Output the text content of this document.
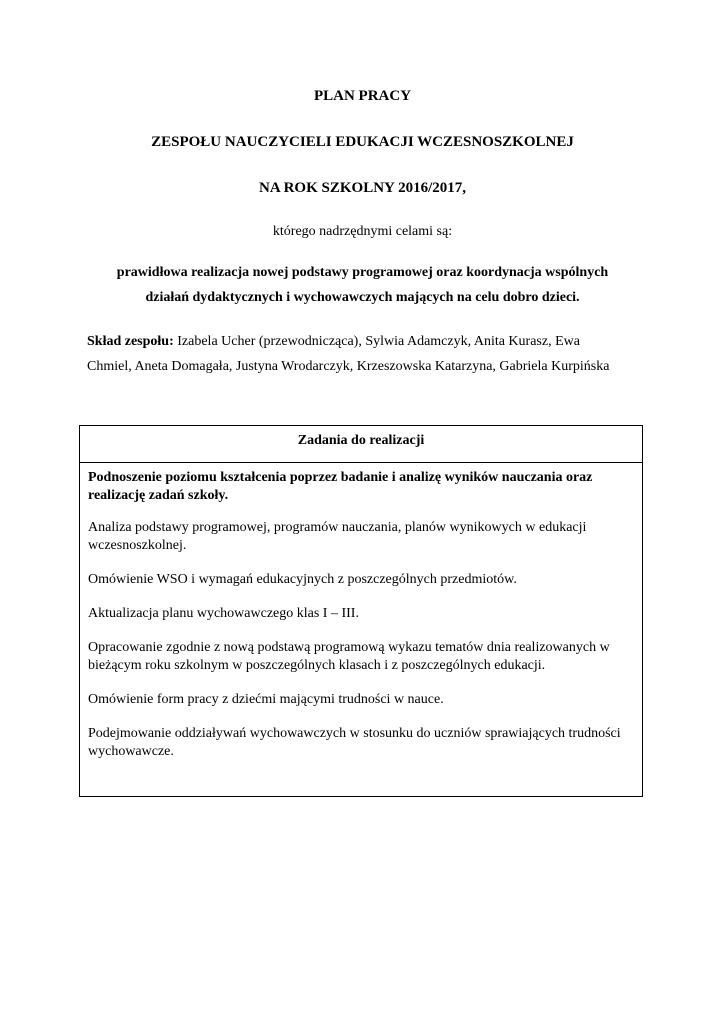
PLAN PRACY
ZESPOŁU NAUCZYCIELI EDUKACJI WCZESNOSZKOLNEJ
NA ROK SZKOLNY 2016/2017,
którego nadrzędnymi celami są:
prawidłowa realizacja nowej podstawy programowej oraz koordynacja wspólnych
działań dydaktycznych i wychowawczych mających na celu dobro dzieci.
Skład zespołu: Izabela Ucher (przewodnicząca), Sylwia Adamczyk, Anita Kurasz, Ewa
Chmiel, Aneta Domagała, Justyna Wrodarczyk, Krzeszowska Katarzyna, Gabriela Kurpińska
Zadania do realizacji

Podnoszenie poziomu kształcenia poprzez badanie i analizę wyników nauczania oraz realizację zadań szkoły.

Analiza podstawy programowej, programów nauczania, planów wynikowych w edukacji wczesnoszkolnej.

Omówienie WSO i wymagań edukacyjnych z poszczególnych przedmiotów.

Aktualizacja planu wychowawczego klas I – III.

Opracowanie zgodnie z nową podstawą programową wykazu tematów dnia realizowanych w bieżącym roku szkolnym w poszczególnych klasach i z poszczególnych edukacji.

Omówienie form pracy z dziećmi mającymi trudności w nauce.

Podejmowanie oddziaływań wychowawczych w stosunku do uczniów sprawiających trudności wychowawcze.
